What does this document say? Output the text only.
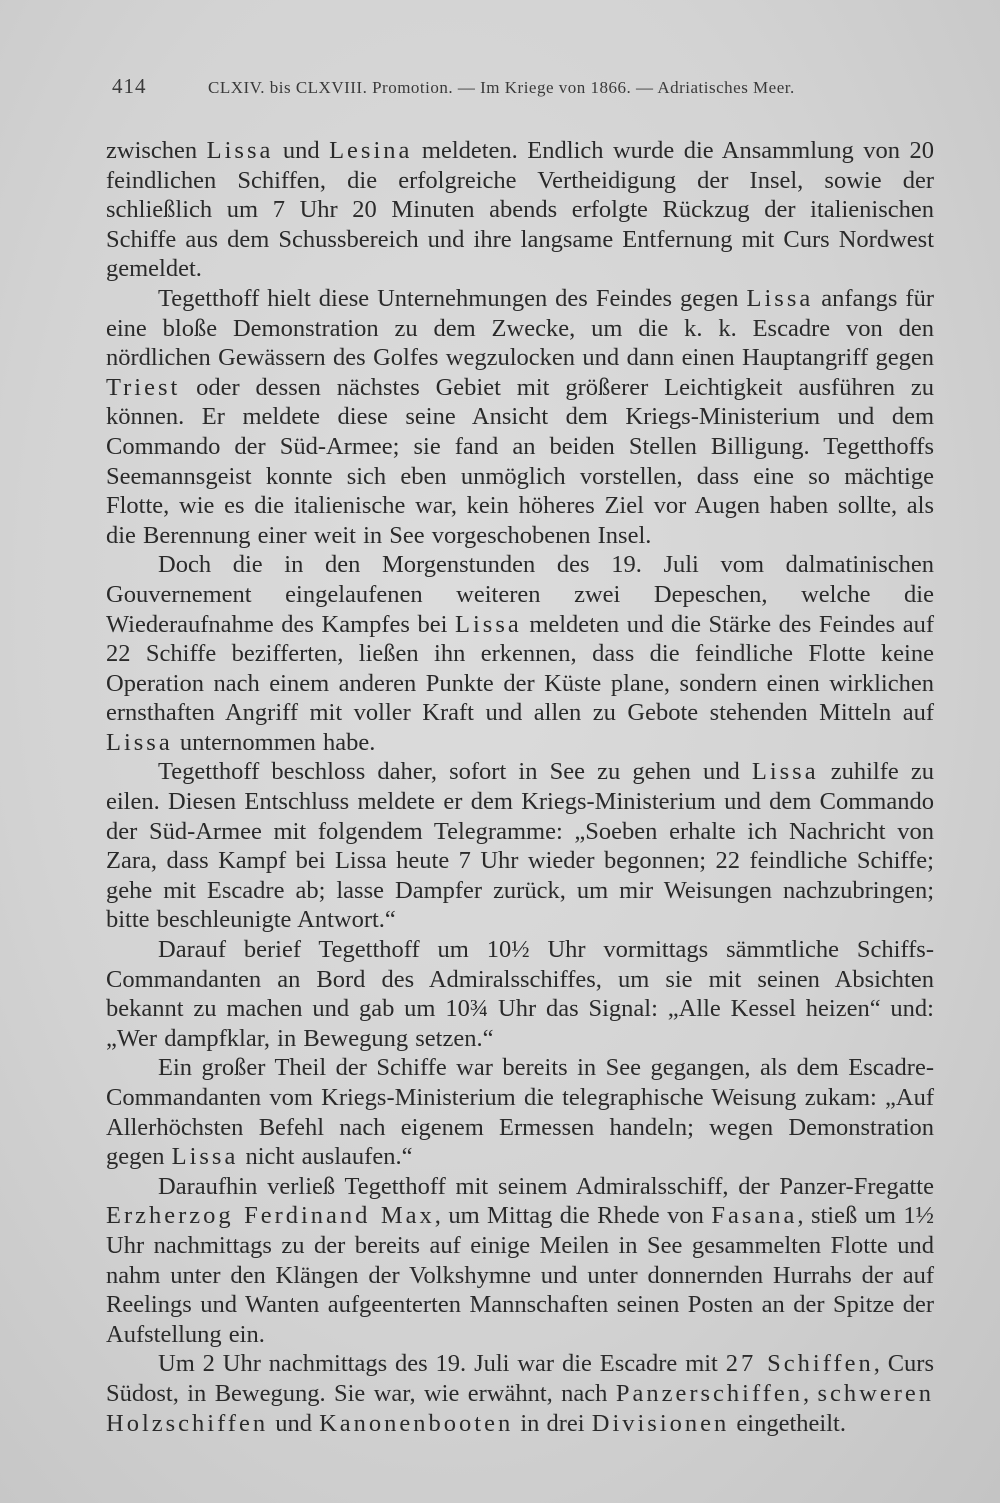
414	CLXIV. bis CLXVIII. Promotion. — Im Kriege von 1866. — Adriatisches Meer.

zwischen Lissa und Lesina meldeten. Endlich wurde die Ansammlung von 20 feindlichen Schiffen, die erfolgreiche Vertheidigung der Insel, sowie der schließlich um 7 Uhr 20 Minuten abends erfolgte Rückzug der italienischen Schiffe aus dem Schussbereich und ihre langsame Entfernung mit Curs Nordwest gemeldet.

Tegetthoff hielt diese Unternehmungen des Feindes gegen Lissa anfangs für eine bloße Demonstration zu dem Zwecke, um die k. k. Escadre von den nördlichen Gewässern des Golfes wegzulocken und dann einen Hauptangriff gegen Triest oder dessen nächstes Gebiet mit größerer Leichtigkeit ausführen zu können. Er meldete diese seine Ansicht dem Kriegs-Ministerium und dem Commando der Süd-Armee; sie fand an beiden Stellen Billigung. Tegetthoffs Seemannsgeist konnte sich eben unmöglich vorstellen, dass eine so mächtige Flotte, wie es die italienische war, kein höheres Ziel vor Augen haben sollte, als die Berennung einer weit in See vorgeschobenen Insel.

Doch die in den Morgenstunden des 19. Juli vom dalmatinischen Gouvernement eingelaufenen weiteren zwei Depeschen, welche die Wiederaufnahme des Kampfes bei Lissa meldeten und die Stärke des Feindes auf 22 Schiffe bezifferten, ließen ihn erkennen, dass die feindliche Flotte keine Operation nach einem anderen Punkte der Küste plane, sondern einen wirklichen ernsthaften Angriff mit voller Kraft und allen zu Gebote stehenden Mitteln auf Lissa unternommen habe.

Tegetthoff beschloss daher, sofort in See zu gehen und Lissa zuhilfe zu eilen. Diesen Entschluss meldete er dem Kriegs-Ministerium und dem Commando der Süd-Armee mit folgendem Telegramme: „Soeben erhalte ich Nachricht von Zara, dass Kampf bei Lissa heute 7 Uhr wieder begonnen; 22 feindliche Schiffe; gehe mit Escadre ab; lasse Dampfer zurück, um mir Weisungen nachzubringen; bitte beschleunigte Antwort.“

Darauf berief Tegetthoff um 10½ Uhr vormittags sämmtliche Schiffs-Commandanten an Bord des Admiralsschiffes, um sie mit seinen Absichten bekannt zu machen und gab um 10¾ Uhr das Signal: „Alle Kessel heizen“ und: „Wer dampfklar, in Bewegung setzen.“

Ein großer Theil der Schiffe war bereits in See gegangen, als dem Escadre-Commandanten vom Kriegs-Ministerium die telegraphische Weisung zukam: „Auf Allerhöchsten Befehl nach eigenem Ermessen handeln; wegen Demonstration gegen Lissa nicht auslaufen.“

Daraufhin verließ Tegetthoff mit seinem Admiralsschiff, der Panzer-Fregatte Erzherzog Ferdinand Max, um Mittag die Rhede von Fasana, stieß um 1½ Uhr nachmittags zu der bereits auf einige Meilen in See gesammelten Flotte und nahm unter den Klängen der Volkshymne und unter donnernden Hurrahs der auf Reelings und Wanten aufgeenterten Mannschaften seinen Posten an der Spitze der Aufstellung ein.

Um 2 Uhr nachmittags des 19. Juli war die Escadre mit 27 Schiffen, Curs Südost, in Bewegung. Sie war, wie erwähnt, nach Panzerschiffen, schweren Holzschiffen und Kanonenbooten in drei Divisionen eingetheilt.
